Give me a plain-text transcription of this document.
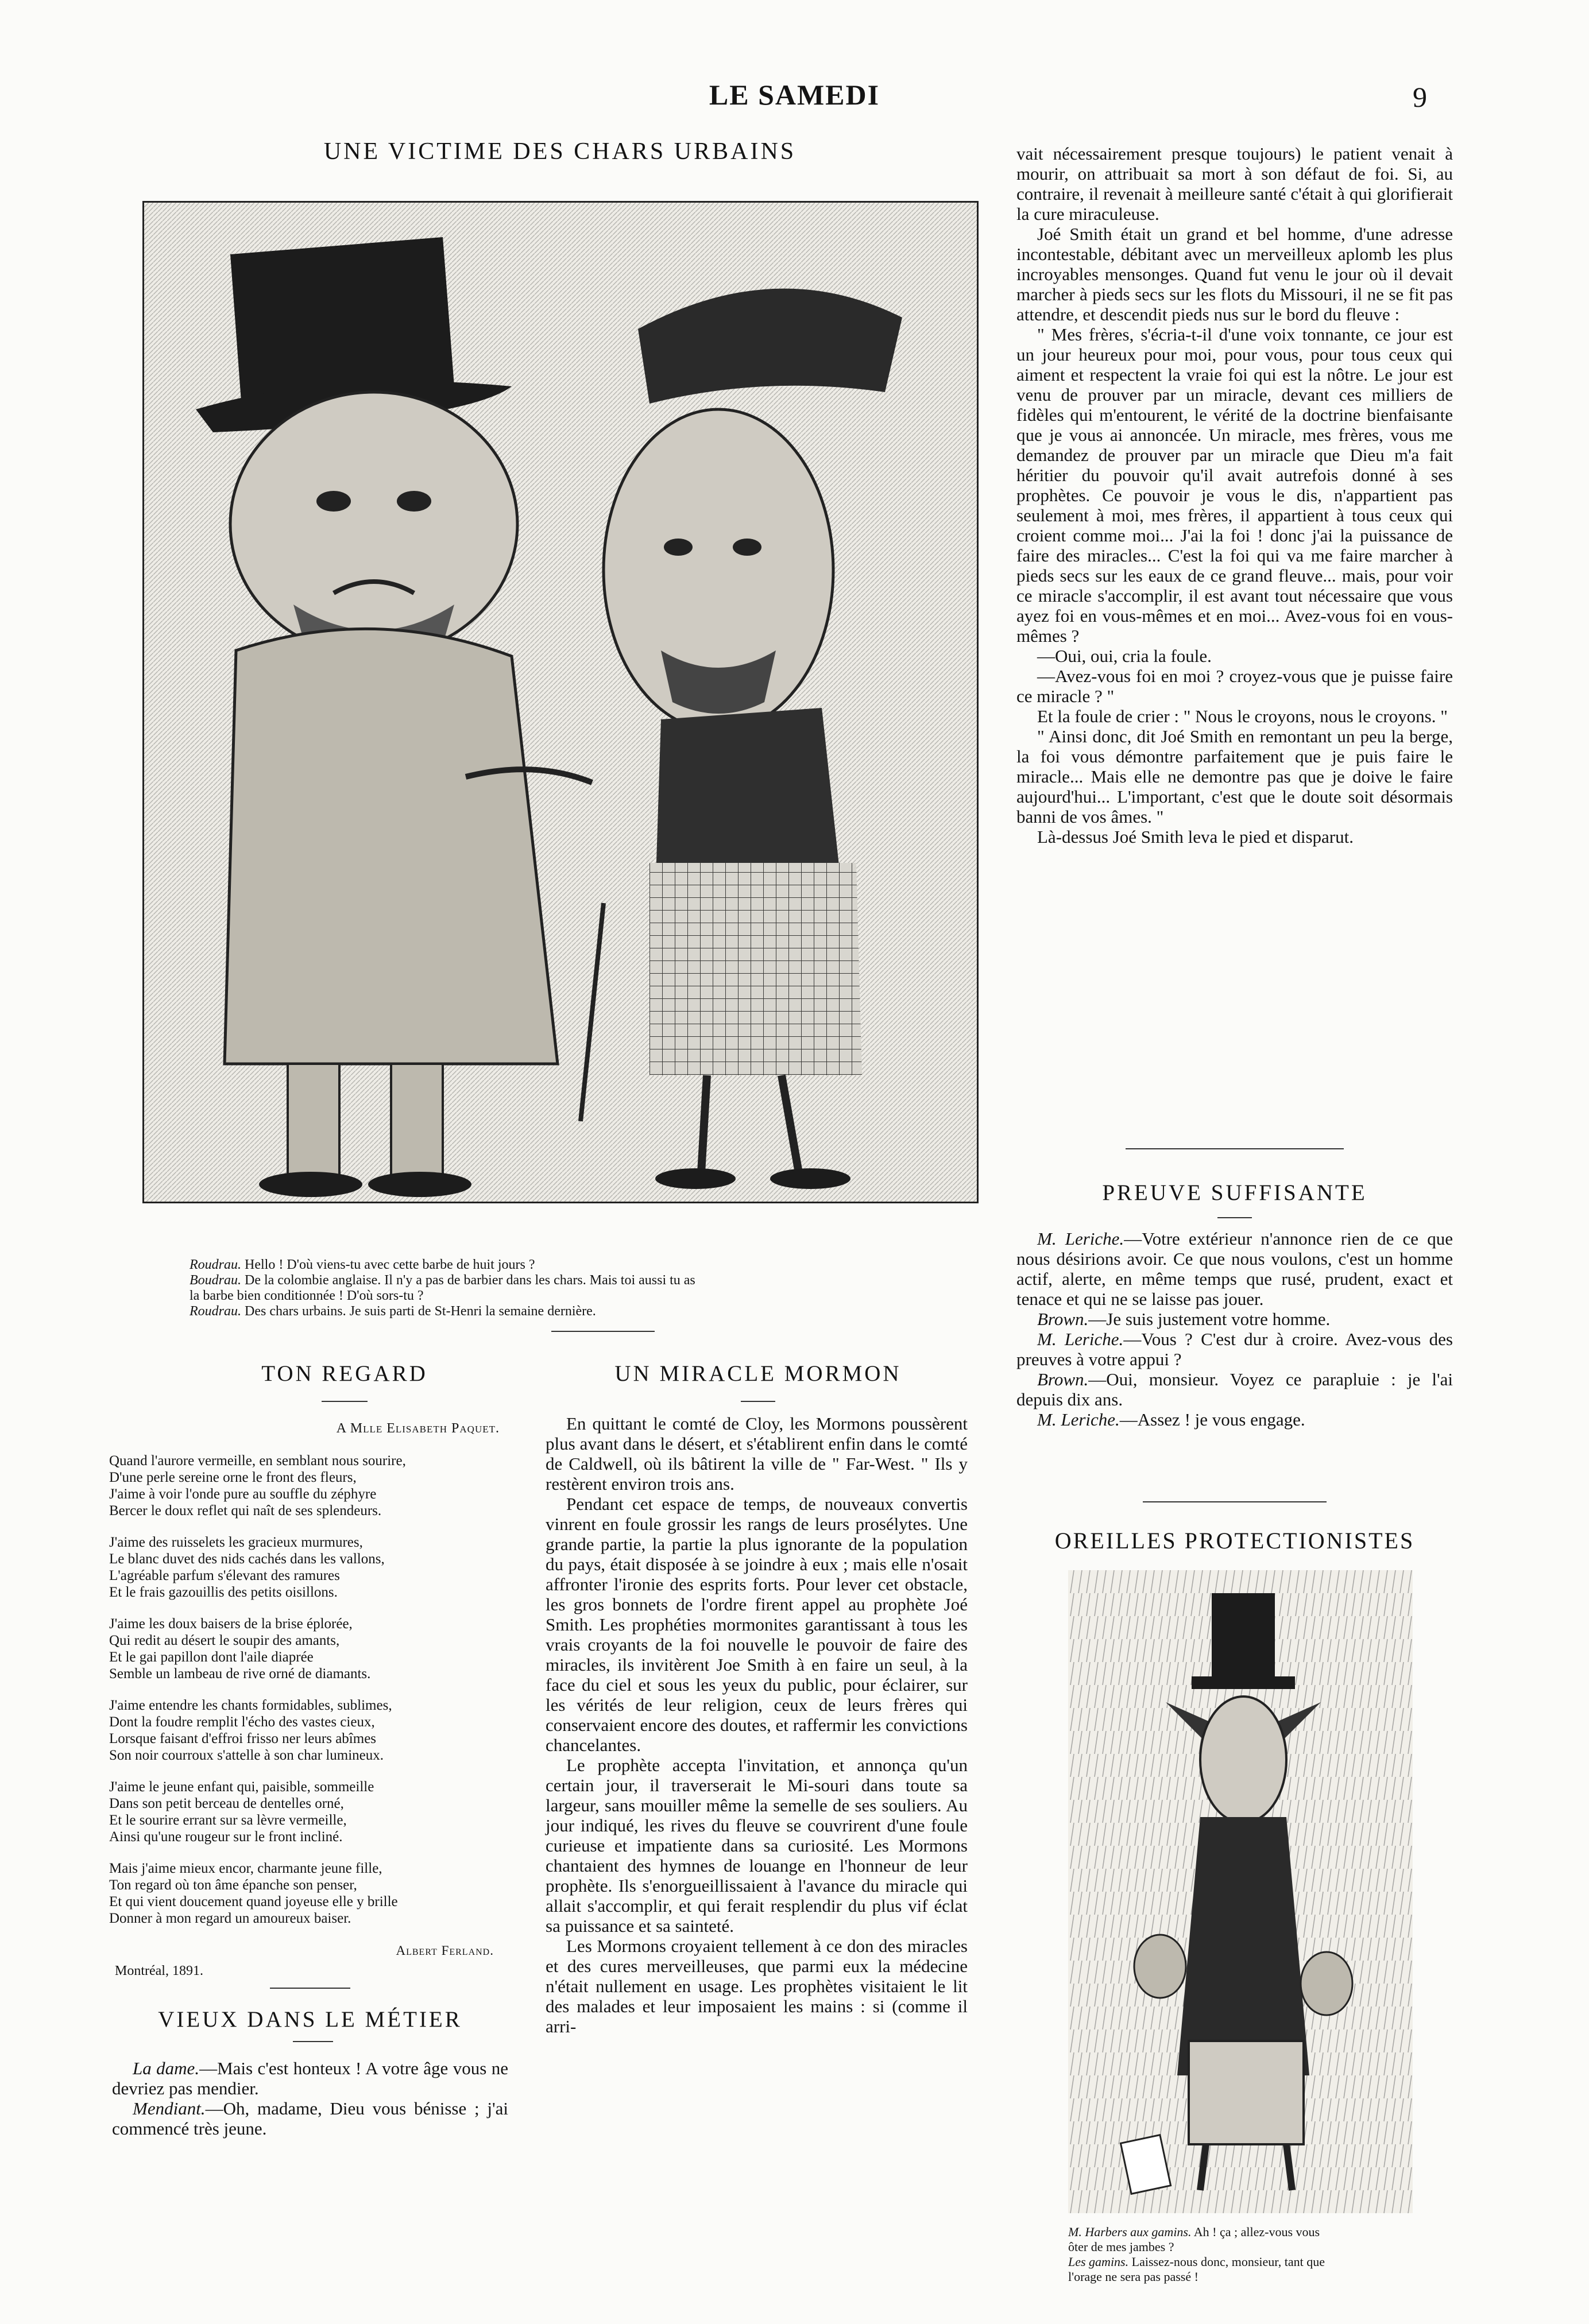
LE SAMEDI	9
UNE VICTIME DES CHARS URBAINS

Roudrau. Hello ! D'où viens-tu avec cette barbe de huit jours ?

Boudrau. De la colombie anglaise. Il n'y a pas de barbier dans les chars. Mais toi aussi tu as

la barbe bien conditionnée ! D'où sors-tu ?

Roudrau. Des chars urbains. Je suis parti de St-Henri la semaine dernière.

TON REGARD
A Mlle Elisabeth Paquet.
Quand l'aurore vermeille, en semblant nous sourire,
D'une perle sereine orne le front des fleurs,
J'aime à voir l'onde pure au souffle du zéphyre
Bercer le doux reflet qui naît de ses splendeurs.
J'aime des ruisselets les gracieux murmures,
Le blanc duvet des nids cachés dans les vallons,
L'agréable parfum s'élevant des ramures
Et le frais gazouillis des petits oisillons.
J'aime les doux baisers de la brise éplorée,
Qui redit au désert le soupir des amants,
Et le gai papillon dont l'aile diaprée
Semble un lambeau de rive orné de diamants.
J'aime entendre les chants formidables, sublimes,
Dont la foudre remplit l'écho des vastes cieux,
Lorsque faisant d'effroi frisso ner leurs abîmes
Son noir courroux s'attelle à son char lumineux.
J'aime le jeune enfant qui, paisible, sommeille
Dans son petit berceau de dentelles orné,
Et le sourire errant sur sa lèvre vermeille,
Ainsi qu'une rougeur sur le front incliné.
Mais j'aime mieux encor, charmante jeune fille,
Ton regard où ton âme épanche son penser,
Et qui vient doucement quand joyeuse elle y brille
Donner à mon regard un amoureux baiser.
Albert Ferland.
Montréal, 1891.
VIEUX DANS LE MÉTIER

La dame.—Mais c'est honteux ! A votre âge vous ne devriez pas mendier.

Mendiant.—Oh, madame, Dieu vous bénisse ; j'ai commencé très jeune.

UN MIRACLE MORMON

En quittant le comté de Cloy, les Mormons poussèrent plus avant dans le désert, et s'établirent enfin dans le comté de Caldwell, où ils bâtirent la ville de " Far-West. " Ils y restèrent environ trois ans.

Pendant cet espace de temps, de nouveaux convertis vinrent en foule grossir les rangs de leurs prosélytes. Une grande partie, la partie la plus ignorante de la population du pays, était disposée à se joindre à eux ; mais elle n'osait affronter l'ironie des esprits forts. Pour lever cet obstacle, les gros bonnets de l'ordre firent appel au prophète Joé Smith. Les prophéties mormonites garantissant à tous les vrais croyants de la foi nouvelle le pouvoir de faire des miracles, ils invitèrent Joe Smith à en faire un seul, à la face du ciel et sous les yeux du public, pour éclairer, sur les vérités de leur religion, ceux de leurs frères qui conservaient encore des doutes, et raffermir les convictions chancelantes.

Le prophète accepta l'invitation, et annonça qu'un certain jour, il traverserait le Mi-souri dans toute sa largeur, sans mouiller même la semelle de ses souliers. Au jour indiqué, les rives du fleuve se couvrirent d'une foule curieuse et impatiente dans sa curiosité. Les Mormons chantaient des hymnes de louange en l'honneur de leur prophète. Ils s'enorgueillissaient à l'avance du miracle qui allait s'accomplir, et qui ferait resplendir du plus vif éclat sa puissance et sa sainteté.

Les Mormons croyaient tellement à ce don des miracles et des cures merveilleuses, que parmi eux la médecine n'était nullement en usage. Les prophètes visitaient le lit des malades et leur imposaient les mains : si (comme il arri-

vait nécessairement presque toujours) le patient venait à mourir, on attribuait sa mort à son défaut de foi. Si, au contraire, il revenait à meilleure santé c'était à qui glorifierait la cure miraculeuse.

Joé Smith était un grand et bel homme, d'une adresse incontestable, débitant avec un merveilleux aplomb les plus incroyables mensonges. Quand fut venu le jour où il devait marcher à pieds secs sur les flots du Missouri, il ne se fit pas attendre, et descendit pieds nus sur le bord du fleuve :

" Mes frères, s'écria-t-il d'une voix tonnante, ce jour est un jour heureux pour moi, pour vous, pour tous ceux qui aiment et respectent la vraie foi qui est la nôtre. Le jour est venu de prouver par un miracle, devant ces milliers de fidèles qui m'entourent, le vérité de la doctrine bienfaisante que je vous ai annoncée. Un miracle, mes frères, vous me demandez de prouver par un miracle que Dieu m'a fait héritier du pouvoir qu'il avait autrefois donné à ses prophètes. Ce pouvoir je vous le dis, n'appartient pas seulement à moi, mes frères, il appartient à tous ceux qui croient comme moi... J'ai la foi ! donc j'ai la puissance de faire des miracles... C'est la foi qui va me faire marcher à pieds secs sur les eaux de ce grand fleuve... mais, pour voir ce miracle s'accomplir, il est avant tout nécessaire que vous ayez foi en vous-mêmes et en moi... Avez-vous foi en vous-mêmes ?

—Oui, oui, cria la foule.

—Avez-vous foi en moi ? croyez-vous que je puisse faire ce miracle ? "

Et la foule de crier : " Nous le croyons, nous le croyons. "

" Ainsi donc, dit Joé Smith en remontant un peu la berge, la foi vous démontre parfaitement que je puis faire le miracle... Mais elle ne demontre pas que je doive le faire aujourd'hui... L'important, c'est que le doute soit désormais banni de vos âmes. "

Là-dessus Joé Smith leva le pied et disparut.

PREUVE SUFFISANTE

M. Leriche.—Votre extérieur n'annonce rien de ce que nous désirions avoir. Ce que nous voulons, c'est un homme actif, alerte, en même temps que rusé, prudent, exact et tenace et qui ne se laisse pas jouer.

Brown.—Je suis justement votre homme.

M. Leriche.—Vous ? C'est dur à croire. Avez-vous des preuves à votre appui ?

Brown.—Oui, monsieur. Voyez ce parapluie : je l'ai depuis dix ans.

M. Leriche.—Assez ! je vous engage.

OREILLES PROTECTIONISTES

M. Harbers aux gamins. Ah ! ça ; allez-vous vous

ôter de mes jambes ?

Les gamins. Laissez-nous donc, monsieur, tant que

l'orage ne sera pas passé !
